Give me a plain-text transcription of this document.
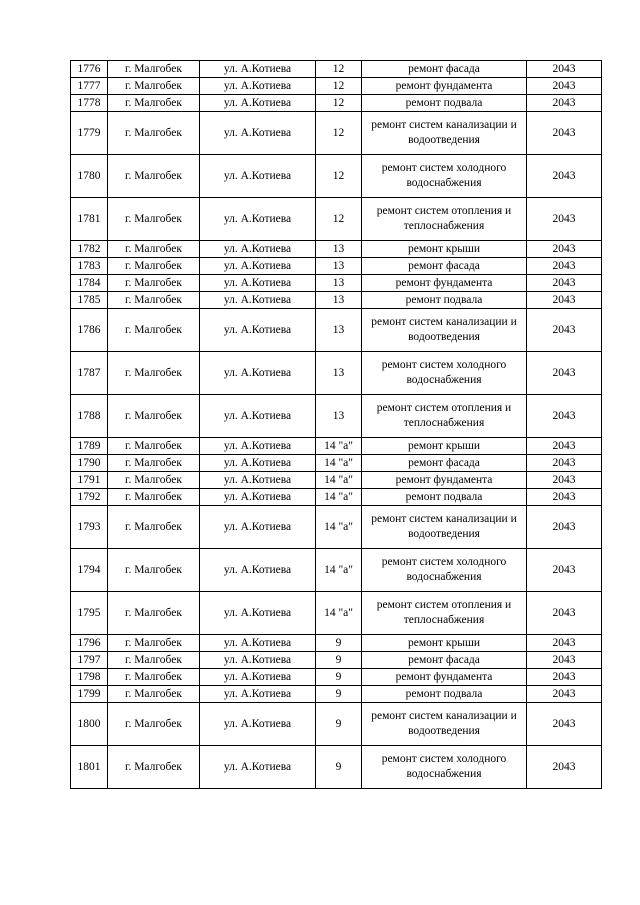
1776	г. Малгобек	ул. А.Котиева	12	ремонт фасада	2043
1777	г. Малгобек	ул. А.Котиева	12	ремонт фундамента	2043
1778	г. Малгобек	ул. А.Котиева	12	ремонт подвала	2043
1779	г. Малгобек	ул. А.Котиева	12	ремонт систем канализации и водоотведения	2043
1780	г. Малгобек	ул. А.Котиева	12	ремонт систем холодного водоснабжения	2043
1781	г. Малгобек	ул. А.Котиева	12	ремонт систем отопления и теплоснабжения	2043
1782	г. Малгобек	ул. А.Котиева	13	ремонт крыши	2043
1783	г. Малгобек	ул. А.Котиева	13	ремонт фасада	2043
1784	г. Малгобек	ул. А.Котиева	13	ремонт фундамента	2043
1785	г. Малгобек	ул. А.Котиева	13	ремонт подвала	2043
1786	г. Малгобек	ул. А.Котиева	13	ремонт систем канализации и водоотведения	2043
1787	г. Малгобек	ул. А.Котиева	13	ремонт систем холодного водоснабжения	2043
1788	г. Малгобек	ул. А.Котиева	13	ремонт систем отопления и теплоснабжения	2043
1789	г. Малгобек	ул. А.Котиева	14 "а"	ремонт крыши	2043
1790	г. Малгобек	ул. А.Котиева	14 "а"	ремонт фасада	2043
1791	г. Малгобек	ул. А.Котиева	14 "а"	ремонт фундамента	2043
1792	г. Малгобек	ул. А.Котиева	14 "а"	ремонт подвала	2043
1793	г. Малгобек	ул. А.Котиева	14 "а"	ремонт систем канализации и водоотведения	2043
1794	г. Малгобек	ул. А.Котиева	14 "а"	ремонт систем холодного водоснабжения	2043
1795	г. Малгобек	ул. А.Котиева	14 "а"	ремонт систем отопления и теплоснабжения	2043
1796	г. Малгобек	ул. А.Котиева	9	ремонт крыши	2043
1797	г. Малгобек	ул. А.Котиева	9	ремонт фасада	2043
1798	г. Малгобек	ул. А.Котиева	9	ремонт фундамента	2043
1799	г. Малгобек	ул. А.Котиева	9	ремонт подвала	2043
1800	г. Малгобек	ул. А.Котиева	9	ремонт систем канализации и водоотведения	2043
1801	г. Малгобек	ул. А.Котиева	9	ремонт систем холодного водоснабжения	2043
